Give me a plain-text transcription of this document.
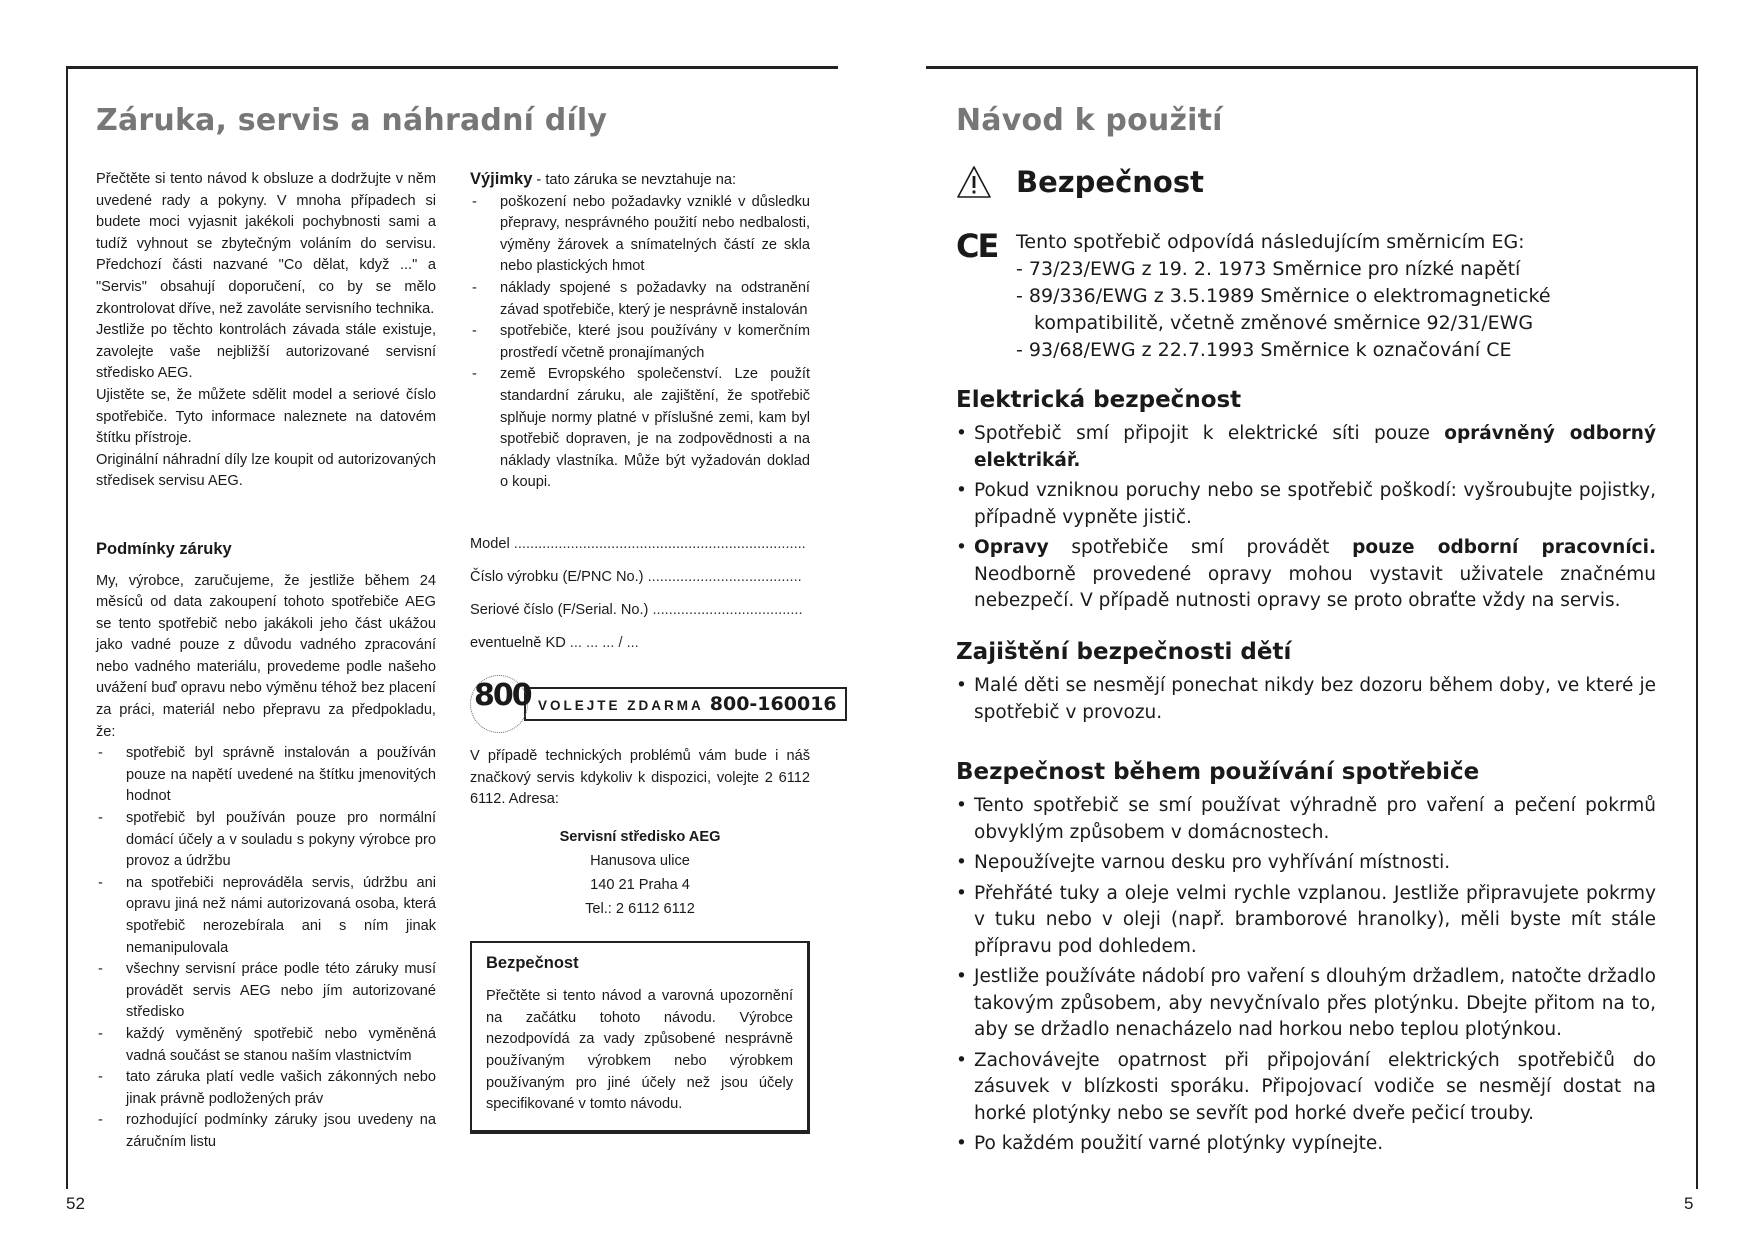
Záruka, servis a náhradní díly

Přečtěte si tento návod k obsluze a dodržujte v něm uvedené rady a pokyny. V mnoha případech si budete moci vyjasnit jakékoli pochybnosti sami a tudíž vyhnout se zbytečným voláním do servisu. Předchozí části nazvané "Co dělat, když ..." a "Servis" obsahují doporučení, co by se mělo zkontrolovat dříve, než zavoláte servisního technika.

Jestliže po těchto kontrolách závada stále existuje, zavolejte vaše nejbližší autorizované servisní středisko AEG.

Ujistěte se, že můžete sdělit model a seriové číslo spotřebiče. Tyto informace naleznete na datovém štítku přístroje.

Originální náhradní díly lze koupit od autorizovaných středisek servisu AEG.

Podmínky záruky

My, výrobce, zaručujeme, že jestliže během 24 měsíců od data zakoupení tohoto spotřebiče AEG se tento spotřebič nebo jakákoli jeho část ukážou jako vadné pouze z důvodu vadného zpracování nebo vadného materiálu, provedeme podle našeho uvážení buď opravu nebo výměnu téhož bez placení za práci, materiál nebo přepravu za předpokladu, že:

- spotřebič byl správně instalován a používán pouze na napětí uvedené na štítku jmenovitých hodnot
- spotřebič byl používán pouze pro normální domácí účely a v souladu s pokyny výrobce pro provoz a údržbu
- na spotřebiči neprováděla servis, údržbu ani opravu jiná než námi autorizovaná osoba, která spotřebič nerozebírala ani s ním jinak nemanipulovala
- všechny servisní práce podle této záruky musí provádět servis AEG nebo jím autorizované středisko
- každý vyměněný spotřebič nebo vyměněná vadná součást se stanou naším vlastnictvím
- tato záruka platí vedle vašich zákonných nebo jinak právně podložených práv
- rozhodující podmínky záruky jsou uvedeny na záručním listu

Výjimky - tato záruka se nevztahuje na:

- poškození nebo požadavky vzniklé v důsledku přepravy, nesprávného použití nebo nedbalosti, výměny žárovek a snímatelných částí ze skla nebo plastických hmot
- náklady spojené s požadavky na odstranění závad spotřebiče, který je nesprávně instalován
- spotřebiče, které jsou používány v komerčním prostředí včetně pronajímaných
- země Evropského společenství. Lze použít standardní záruku, ale zajištění, že spotřebič splňuje normy platné v příslušné zemi, kam byl spotřebič dopraven, je na zodpovědnosti a na náklady vlastníka. Může být vyžadován doklad o koupi.

Model ........................................................................

Číslo výrobku (E/PNC No.) ......................................

Seriové číslo (F/Serial. No.) .....................................

eventuelně KD ... ... ... / ...

800 VOLEJTE ZDARMA 800-160016

V případě technických problémů vám bude i náš značkový servis kdykoliv k dispozici, volejte 2 6112 6112. Adresa:

Servisní středisko AEG
Hanusova ulice
140 21 Praha 4
Tel.: 2 6112 6112

Bezpečnost

Přečtěte si tento návod a varovná upozornění na začátku tohoto návodu. Výrobce nezodpovídá za vady způsobené nesprávně používaným výrobkem nebo výrobkem používaným pro jiné účely než jsou účely specifikované v tomto návodu.

52
Návod k použití
Bezpečnost
CE Tento spotřebič odpovídá následujícím směrnicím EG:
- 73/23/EWG z 19. 2. 1973 Směrnice pro nízké napětí
- 89/336/EWG z 3.5.1989 Směrnice o elektromagnetické kompatibilitě, včetně změnové směrnice 92/31/EWG
- 93/68/EWG z 22.7.1993 Směrnice k označování CE

Elektrická bezpečnost

• Spotřebič smí připojit k elektrické síti pouze oprávněný odborný elektrikář.
• Pokud vzniknou poruchy nebo se spotřebič poškodí: vyšroubujte pojistky, případně vypněte jistič.
• Opravy spotřebiče smí provádět pouze odborní pracovníci. Neodborně provedené opravy mohou vystavit uživatele značnému nebezpečí. V případě nutnosti opravy se proto obraťte vždy na servis.

Zajištění bezpečnosti dětí

• Malé děti se nesmějí ponechat nikdy bez dozoru během doby, ve které je spotřebič v provozu.

Bezpečnost během používání spotřebiče

• Tento spotřebič se smí používat výhradně pro vaření a pečení pokrmů obvyklým způsobem v domácnostech.
• Nepoužívejte varnou desku pro vyhřívání místnosti.
• Přehřáté tuky a oleje velmi rychle vzplanou. Jestliže připravujete pokrmy v tuku nebo v oleji (např. bramborové hranolky), měli byste mít stále přípravu pod dohledem.
• Jestliže používáte nádobí pro vaření s dlouhým držadlem, natočte držadlo takovým způsobem, aby nevyčnívalo přes plotýnku. Dbejte přitom na to, aby se držadlo nenacházelo nad horkou nebo teplou plotýnkou.
• Zachovávejte opatrnost při připojování elektrických spotřebičů do zásuvek v blízkosti sporáku. Připojovací vodiče se nesmějí dostat na horké plotýnky nebo se sevřít pod horké dveře pečicí trouby.
• Po každém použití varné plotýnky vypínejte.
5
